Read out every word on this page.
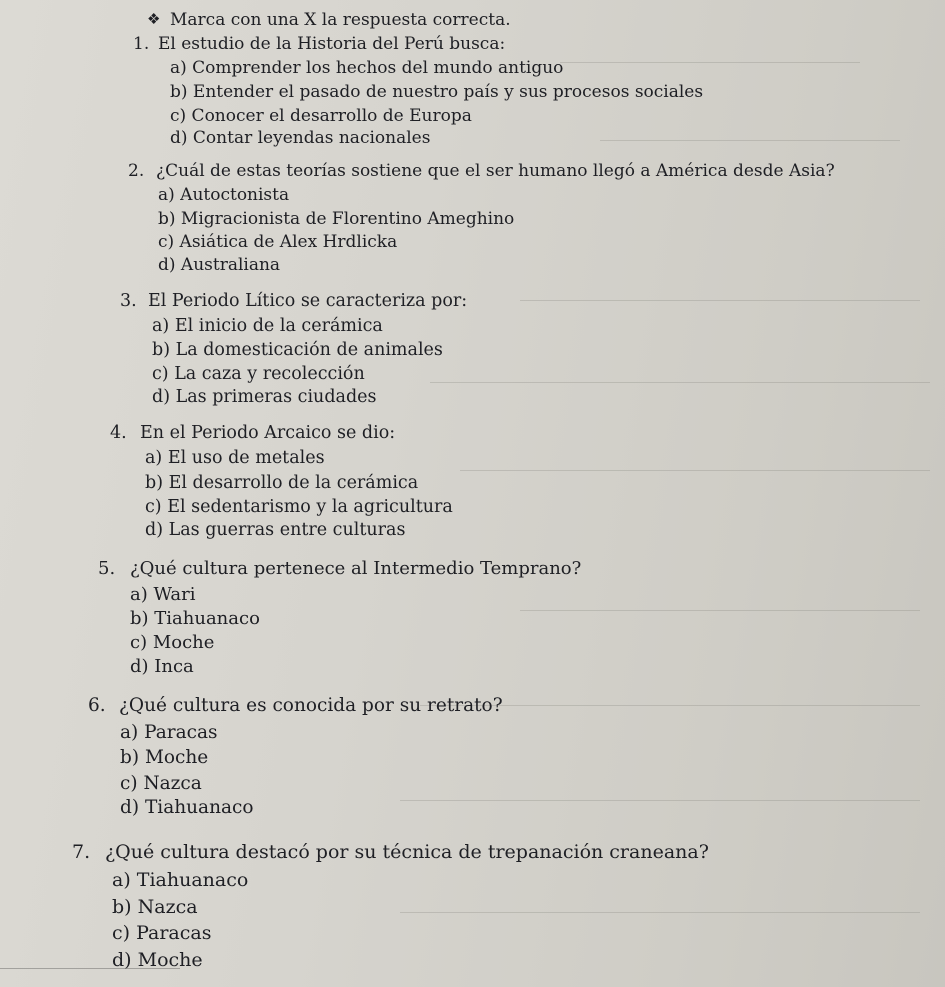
❖ Marca con una X la respuesta correcta.
1. El estudio de la Historia del Perú busca:
a) Comprender los hechos del mundo antiguo
b) Entender el pasado de nuestro país y sus procesos sociales
c) Conocer el desarrollo de Europa
d) Contar leyendas nacionales
2. ¿Cuál de estas teorías sostiene que el ser humano llegó a América desde Asia?
a) Autoctonista
b) Migracionista de Florentino Ameghino
c) Asiática de Alex Hrdlicka
d) Australiana
3. El Periodo Lítico se caracteriza por:
a) El inicio de la cerámica
b) La domesticación de animales
c) La caza y recolección
d) Las primeras ciudades
4. En el Periodo Arcaico se dio:
a) El uso de metales
b) El desarrollo de la cerámica
c) El sedentarismo y la agricultura
d) Las guerras entre culturas
5. ¿Qué cultura pertenece al Intermedio Temprano?
a) Wari
b) Tiahuanaco
c) Moche
d) Inca
6. ¿Qué cultura es conocida por su retrato?
a) Paracas
b) Moche
c) Nazca
d) Tiahuanaco
7. ¿Qué cultura destacó por su técnica de trepanación craneana?
a) Tiahuanaco
b) Nazca
c) Paracas
d) Moche
